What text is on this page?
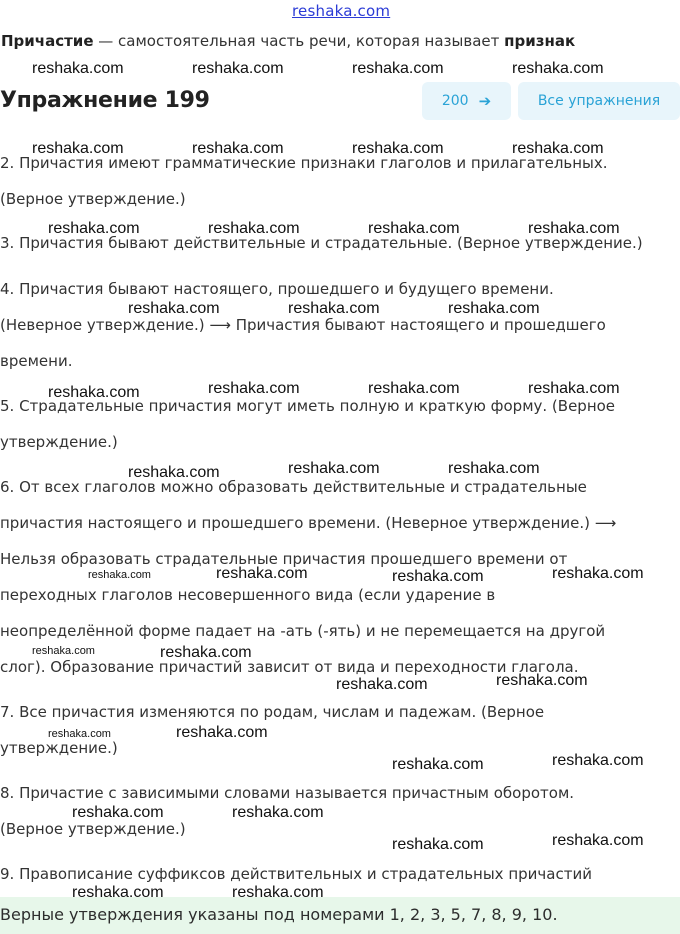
reshaka.com
Причастие — самостоятельная часть речи, которая называет признак
Упражнение 199	200 ➔	Все упражнения
2. Причастия имеют грамматические признаки глаголов и прилагательных.
(Верное утверждение.)
3. Причастия бывают действительные и страдательные. (Верное утверждение.)
4. Причастия бывают настоящего, прошедшего и будущего времени.
(Неверное утверждение.) ⟶ Причастия бывают настоящего и прошедшего
времени.
5. Страдательные причастия могут иметь полную и краткую форму. (Верное
утверждение.)
6. От всех глаголов можно образовать действительные и страдательные
причастия настоящего и прошедшего времени. (Неверное утверждение.) ⟶
Нельзя образовать страдательные причастия прошедшего времени от
переходных глаголов несовершенного вида (если ударение в
неопределённой форме падает на -ать (-ять) и не перемещается на другой
слог). Образование причастий зависит от вида и переходности глагола.
7. Все причастия изменяются по родам, числам и падежам. (Верное
утверждение.)
8. Причастие с зависимыми словами называется причастным оборотом.
(Верное утверждение.)
9. Правописание суффиксов действительных и страдательных причастий
Верные утверждения указаны под номерами 1, 2, 3, 5, 7, 8, 9, 10.
reshaka.com	reshaka.com	reshaka.com	reshaka.com
reshaka.com	reshaka.com	reshaka.com	reshaka.com
reshaka.com	reshaka.com	reshaka.com	reshaka.com
reshaka.com	reshaka.com	reshaka.com
reshaka.com	reshaka.com	reshaka.com	reshaka.com
reshaka.com	reshaka.com	reshaka.com
reshaka.com	reshaka.com	reshaka.com	reshaka.com
reshaka.com	reshaka.com
reshaka.com	reshaka.com
reshaka.com	reshaka.com
reshaka.com	reshaka.com
reshaka.com	reshaka.com
reshaka.com	reshaka.com
reshaka.com	reshaka.com
